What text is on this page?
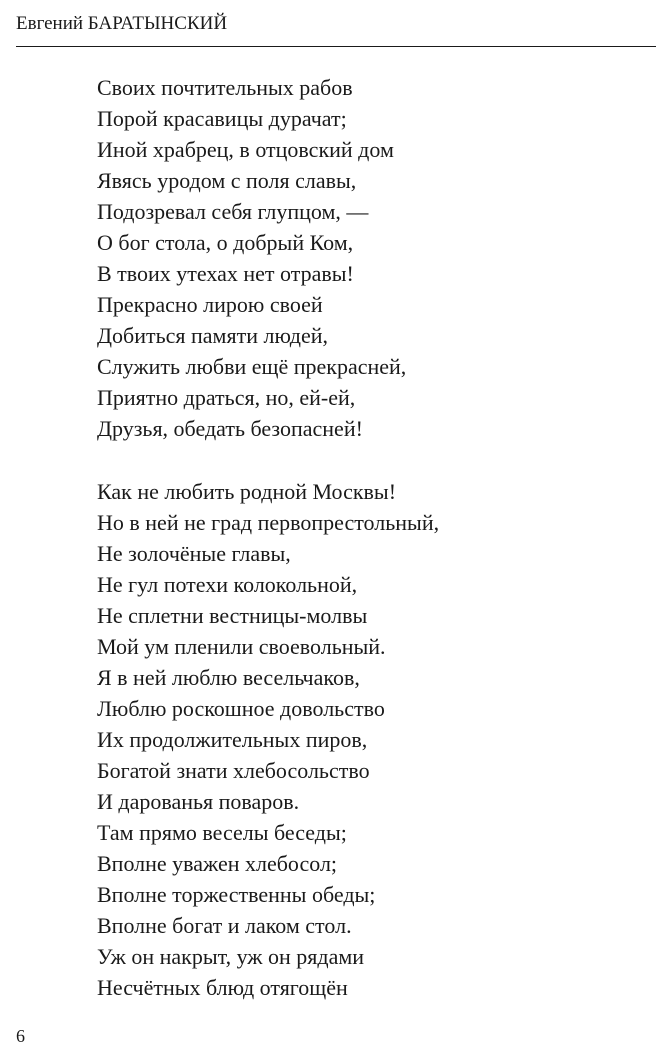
Евгений БАРАТЫНСКИЙ
Своих почтительных рабов
Порой красавицы дурачат;
Иной храбрец, в отцовский дом
Явясь уродом с поля славы,
Подозревал себя глупцом, —
О бог стола, о добрый Ком,
В твоих утехах нет отравы!
Прекрасно лирою своей
Добиться памяти людей,
Служить любви ещё прекрасней,
Приятно драться, но, ей-ей,
Друзья, обедать безопасней!
Как не любить родной Москвы!
Но в ней не град первопрестольный,
Не золочёные главы,
Не гул потехи колокольной,
Не сплетни вестницы-молвы
Мой ум пленили своевольный.
Я в ней люблю весельчаков,
Люблю роскошное довольство
Их продолжительных пиров,
Богатой знати хлебосольство
И дарованья поваров.
Там прямо веселы беседы;
Вполне уважен хлебосол;
Вполне торжественны обеды;
Вполне богат и лаком стол.
Уж он накрыт, уж он рядами
Несчётных блюд отягощён
6
